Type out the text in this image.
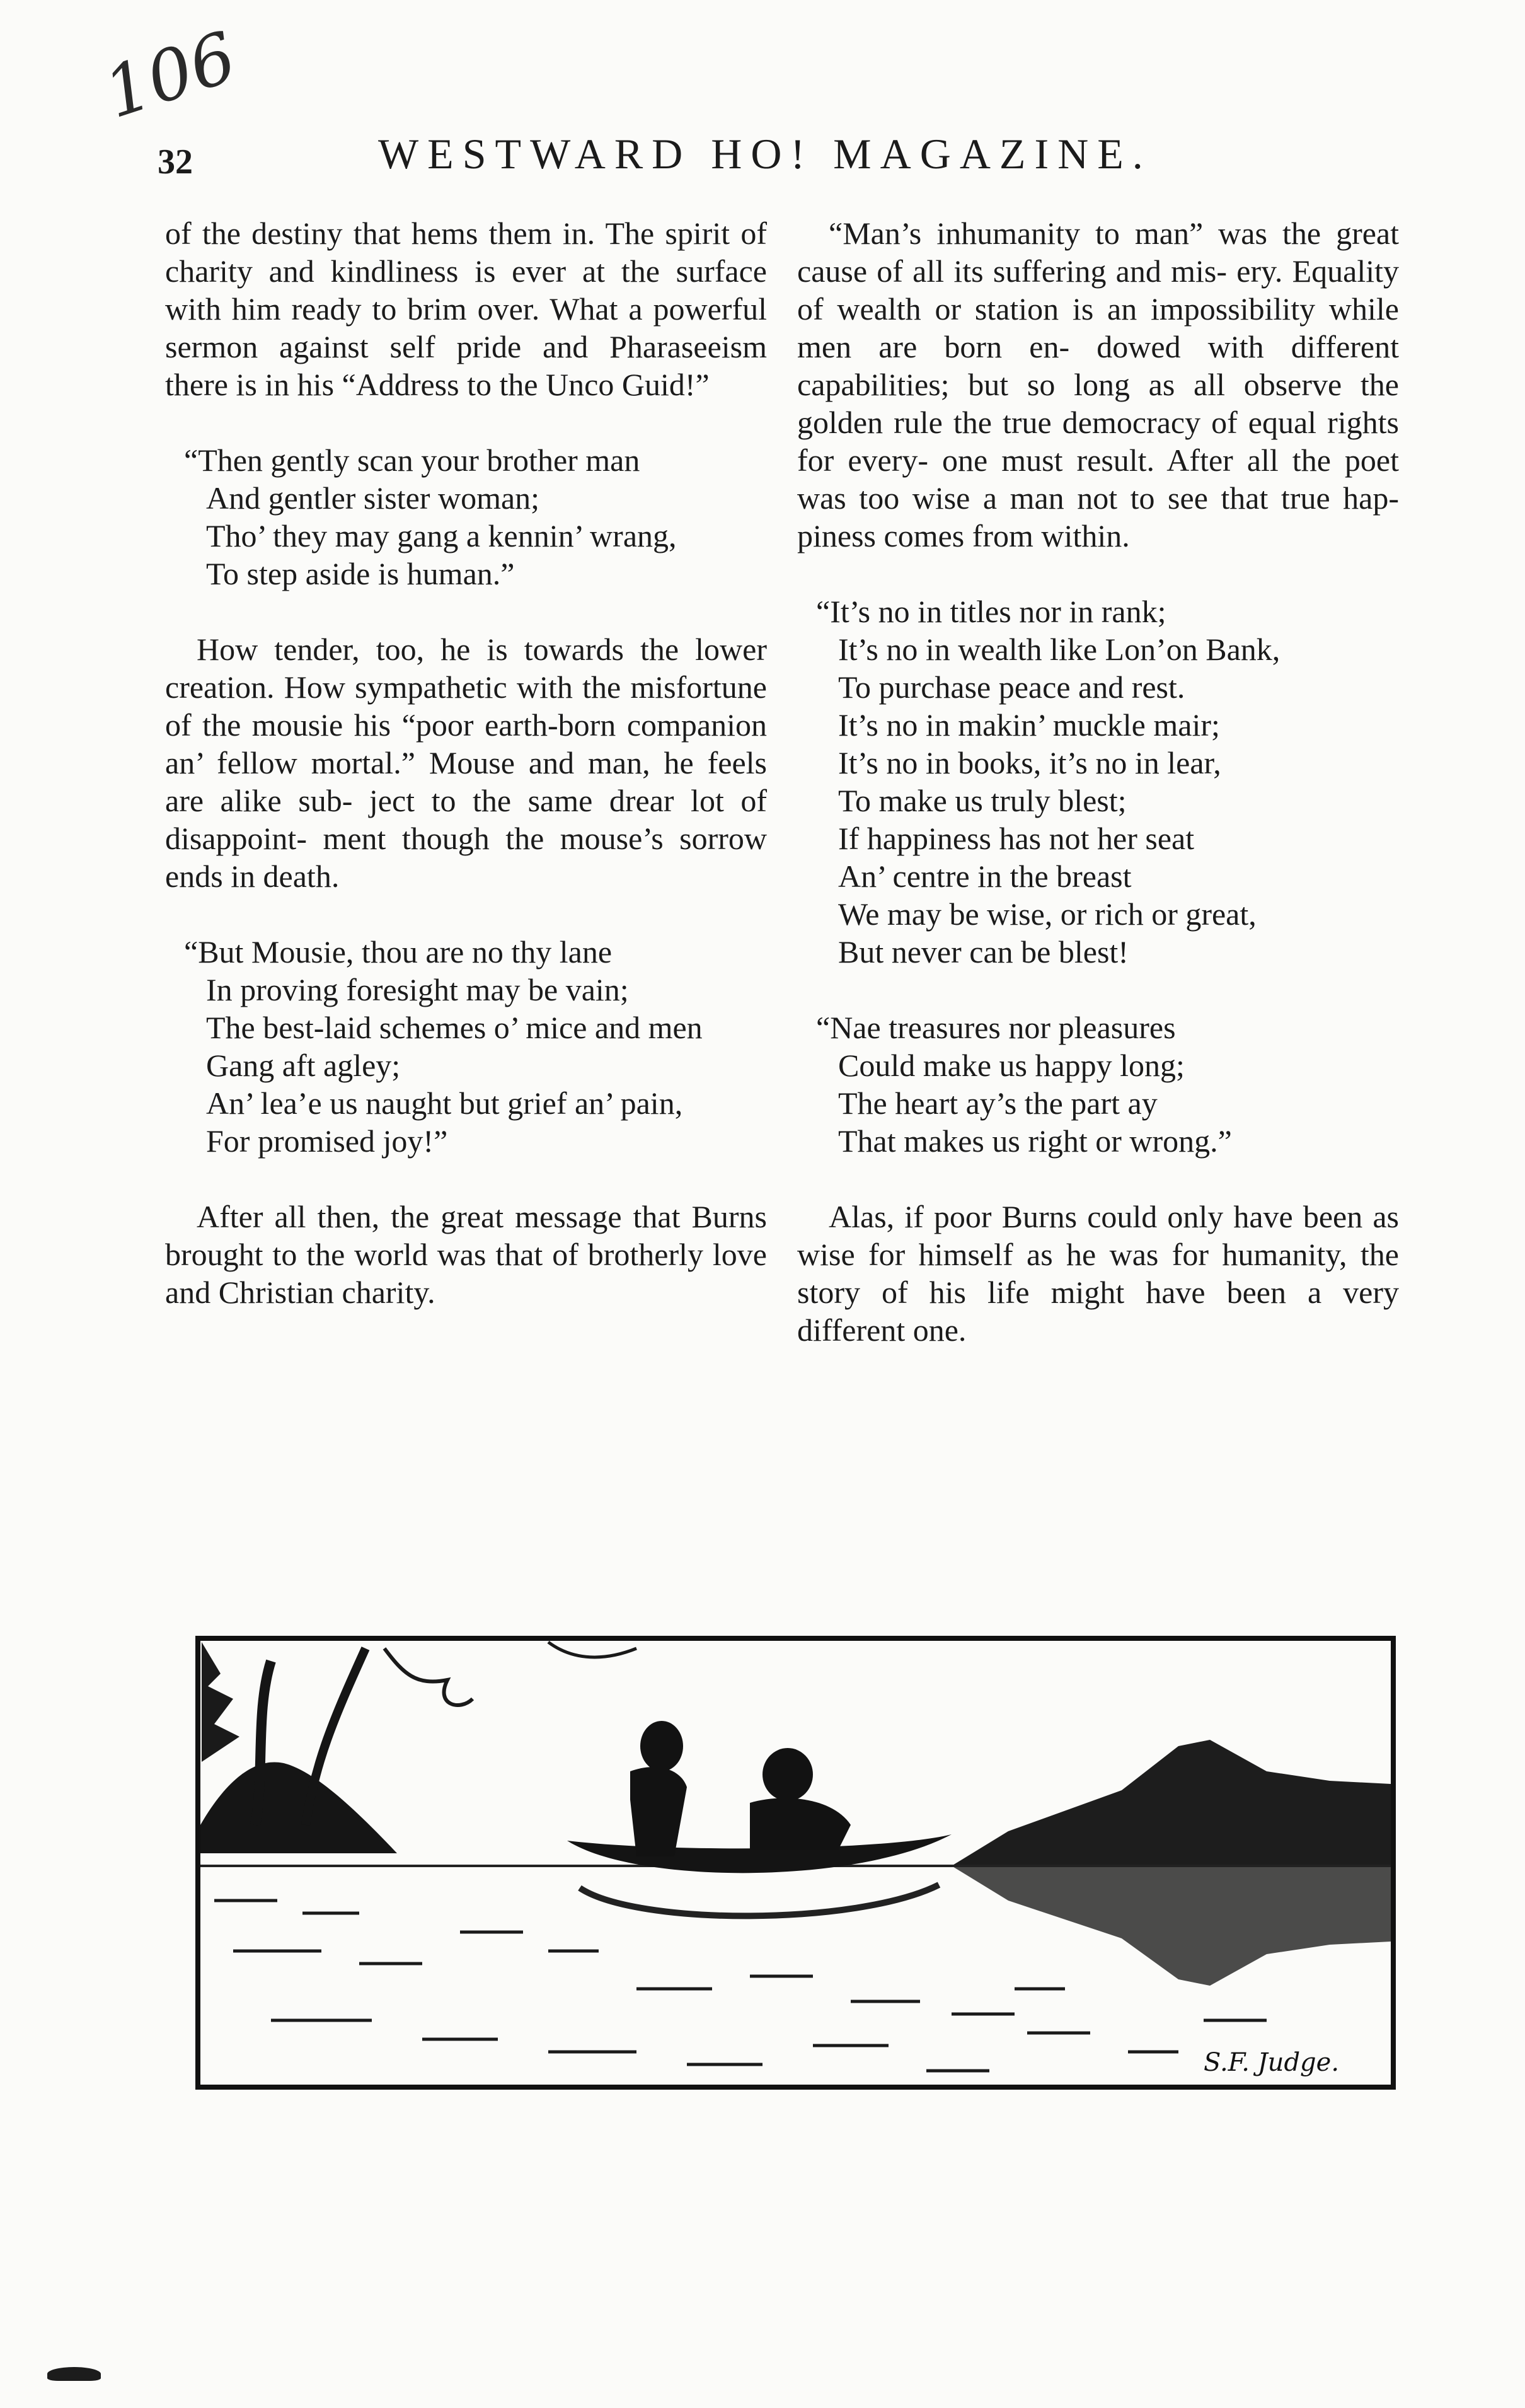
106
32	WESTWARD HO! MAGAZINE.
of the destiny that hems them in. The spirit of charity and kindliness is ever at the surface with him ready to brim over. What a powerful sermon against self pride and Pharaseeism there is in his “Address to the Unco Guid!”
“Then gently scan your brother man
And gentler sister woman;
Tho’ they may gang a kennin’ wrang,
To step aside is human.”
How tender, too, he is towards the lower creation. How sympathetic with the misfortune of the mousie his “poor earth-born companion an’ fellow mortal.” Mouse and man, he feels are alike sub- ject to the same drear lot of disappoint- ment though the mouse’s sorrow ends in death.
“But Mousie, thou are no thy lane
In proving foresight may be vain;
The best-laid schemes o’ mice and men
Gang aft agley;
An’ lea’e us naught but grief an’ pain,
For promised joy!”
After all then, the great message that Burns brought to the world was that of brotherly love and Christian charity.
“Man’s inhumanity to man” was the great cause of all its suffering and mis- ery. Equality of wealth or station is an impossibility while men are born en- dowed with different capabilities; but so long as all observe the golden rule the true democracy of equal rights for every- one must result. After all the poet was too wise a man not to see that true hap- piness comes from within.
“It’s no in titles nor in rank;
It’s no in wealth like Lon’on Bank,
To purchase peace and rest.
It’s no in makin’ muckle mair;
It’s no in books, it’s no in lear,
To make us truly blest;
If happiness has not her seat
An’ centre in the breast
We may be wise, or rich or great,
But never can be blest!
“Nae treasures nor pleasures
Could make us happy long;
The heart ay’s the part ay
That makes us right or wrong.”
Alas, if poor Burns could only have been as wise for himself as he was for humanity, the story of his life might have been a very different one.
S.F. Judge.
